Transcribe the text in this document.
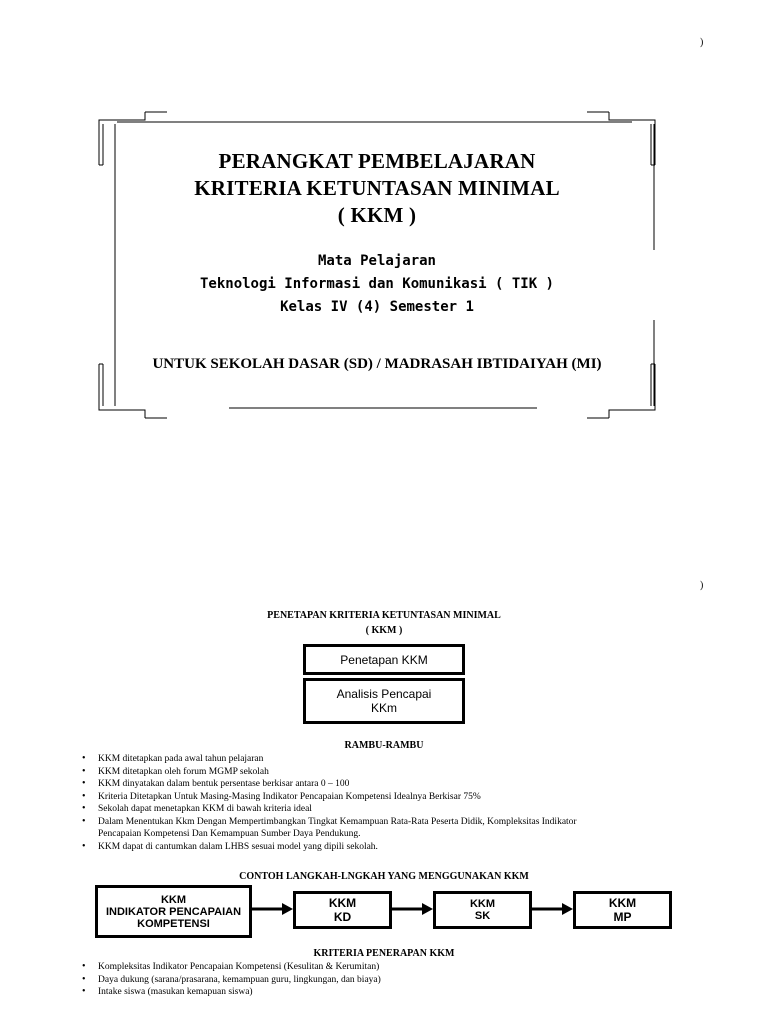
)
)
PERANGKAT PEMBELAJARAN
KRITERIA KETUNTASAN MINIMAL
( KKM )
Mata Pelajaran
Teknologi Informasi dan Komunikasi ( TIK )
Kelas IV (4) Semester 1
UNTUK SEKOLAH DASAR (SD) / MADRASAH IBTIDAIYAH (MI)
PENETAPAN KRITERIA KETUNTASAN MINIMAL
( KKM )
Penetapan KKM
Analisis Pencapai
KKm
RAMBU-RAMBU
• KKM ditetapkan pada awal tahun pelajaran
• KKM ditetapkan oleh forum MGMP sekolah
• KKM dinyatakan dalam bentuk persentase berkisar antara 0 – 100
• Kriteria Ditetapkan Untuk Masing-Masing Indikator Pencapaian Kompetensi Idealnya Berkisar 75%
• Sekolah dapat menetapkan KKM di bawah kriteria ideal
• Dalam Menentukan Kkm Dengan Mempertimbangkan Tingkat Kemampuan Rata-Rata Peserta Didik, Kompleksitas Indikator
Pencapaian Kompetensi Dan Kemampuan Sumber Daya Pendukung.
• KKM dapat di cantumkan dalam LHBS sesuai model yang dipili sekolah.
CONTOH LANGKAH-LNGKAH YANG MENGGUNAKAN KKM
KKM
INDIKATOR PENCAPAIAN
KOMPETENSI
KKM
KD
KKM
SK
KKM
MP
KRITERIA PENERAPAN KKM
• Kompleksitas Indikator Pencapaian Kompetensi (Kesulitan & Kerumitan)
• Daya dukung (sarana/prasarana, kemampuan guru, lingkungan, dan biaya)
• Intake siswa (masukan kemapuan siswa)
